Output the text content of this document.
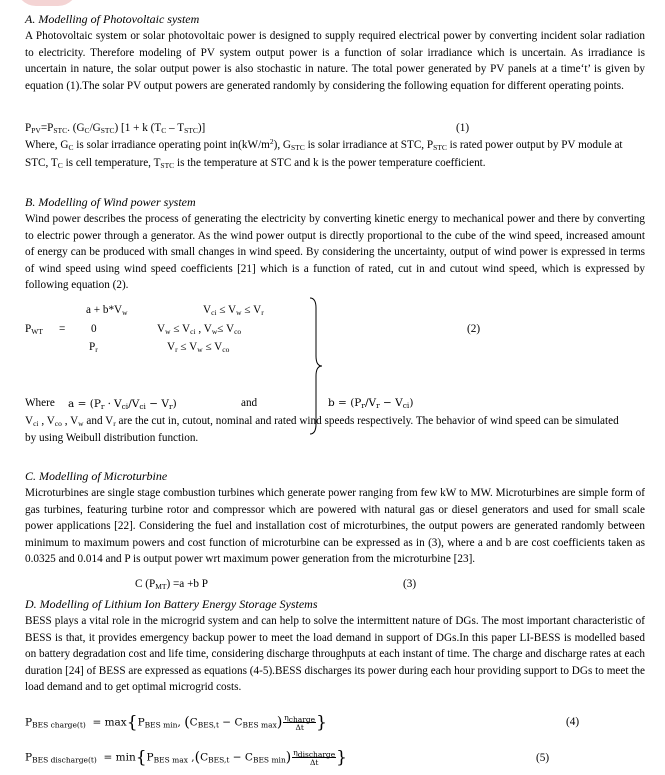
A. Modelling of Photovoltaic system
A Photovoltaic system or solar photovoltaic power is designed to supply required electrical power by converting incident solar radiation to electricity. Therefore modeling of PV system output power is a function of solar irradiance which is uncertain. As irradiance is uncertain in nature, the solar output power is also stochastic in nature. The total power generated by PV panels at a time‘t’ is given by equation (1).The solar PV output powers are generated randomly by considering the following equation for different operating points.
$P_{PV}=P_{STC}$. $(G_C/G_{STC}) [1 + k$ $(T_C - T_{STC})$]	(1)
Where, $G_C$ is solar irradiance operating point $in(kW/m^2)$, $G_{STC}$ is solar irradiance at STC, $P_{STC}$ is rated power output by PV module at
STC, $T_C$ is cell temperature, $T_{STC}$ is the temperature at STC and k is the power temperature coefficient.
B. Modelling of Wind power system
Wind power describes the process of generating the electricity by converting kinetic energy to mechanical power and there by converting to electric power through a generator. As the wind power output is directly proportional to the cube of the wind speed, increased amount of energy can be produced with small changes in wind speed. By considering the uncertainty, output of wind power is expressed in terms of wind speed using wind speed coefficients [21] which is a function of rated, cut in and cutout wind speed, which is expressed by following equation (2).
$a + b*V_w$	$V_{ci} \le V_w \le V_r$
$P_{WT} = 0$	$V_w \le V_{ci}$ , $V_w\le V_{co}$
$P_r$	$V_r \le V_w \le V_{co}$
(2)
Where $a = (P_r$ ⸱ $V_{ci}/V_{ci} - V_r$)	and	$b = (P_r/V_r - V_{ci})$
$V_{ci}$ , $V_{co}$ , $V_w$ and $V_r$ are the cut in, cutout, nominal and rated wind speeds respectively. The behavior of wind speed can be simulated
by using Weibull distribution function.
C. Modelling of Microturbine
Microturbines are single stage combustion turbines which generate power ranging from few kW to MW. Microturbines are simple form of gas turbines, featuring turbine rotor and compressor which are powered with natural gas or diesel generators and used for small scale power applications [22]. Considering the fuel and installation cost of microturbines, the output powers are generated randomly between minimum to maximum powers and cost function of microturbine can be expressed as in (3), where a and b are cost coefficients taken as 0.0325 and 0.014 and P is output power wrt maximum power generation from the microturbine [23].
C $(P_{MT}) =a +b$ P	(3)
D. Modelling of Lithium Ion Battery Energy Storage Systems
BESS plays a vital role in the microgrid system and can help to solve the intermittent nature of DGs. The most important characteristic of BESS is that, it provides emergency backup power to meet the load demand in support of DGs.In this paper LI-BESS is modelled based on battery degradation cost and life time, considering discharge throughputs at each instant of time. The charge and discharge rates at each duration [24] of BESS are expressed as equations (4-5).BESS discharges its power during each hour providing support to DGs to meet the load demand and to get optimal microgrid costs.
$P_{BES charge(t)} = \max\{P_{BES min}$, $(C_{BES,t} - C_{BES max}) \frac{\eta_{charge}}{\Delta t}$ }	(4)
$P_{BES discharge(t)} = \min\{P_{BES max}$ $,(C_{BES,t} - C_{BES min}) \frac{\eta_{discharge}}{\Delta t}$ }	(5)
